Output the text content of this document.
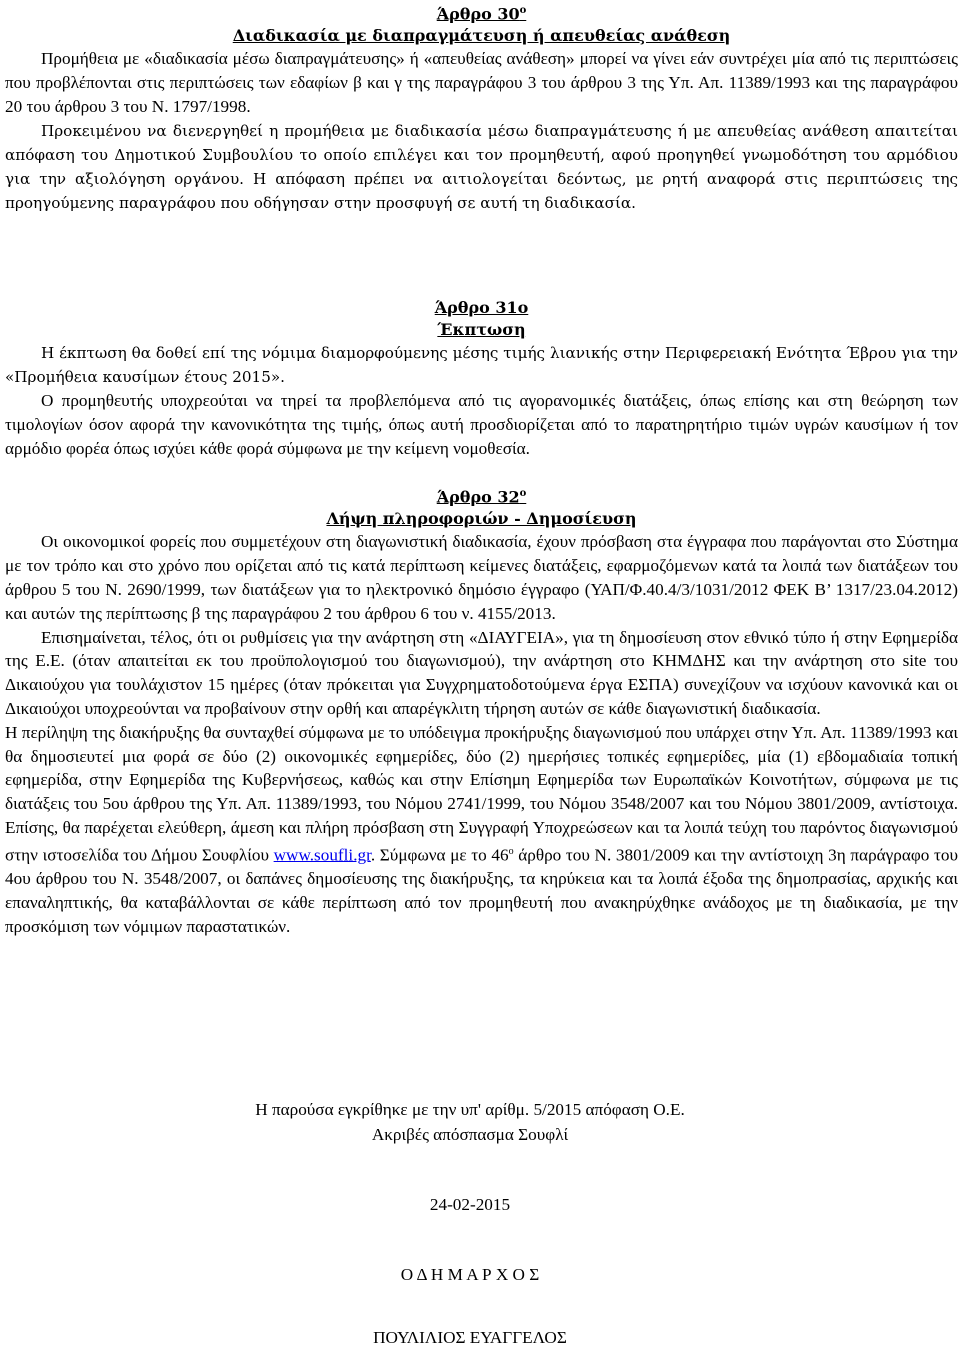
Άρθρο $30^o$
Διαδικασία με διαπραγμάτευση ή απευθείας ανάθεση

Προμήθεια με «διαδικασία μέσω διαπραγμάτευσης» ή «απευθείας ανάθεση» μπορεί να γίνει εάν συντρέχει μία από τις περιπτώσεις που προβλέπονται στις περιπτώσεις των εδαφίων β και γ της παραγράφου 3 του άρθρου 3 της Υπ. Απ. 11389/1993 και της παραγράφου 20 του άρθρου 3 του Ν. 1797/1998.

Προκειμένου να διενεργηθεί η προμήθεια με διαδικασία μέσω διαπραγμάτευσης ή με απευθείας ανάθεση απαιτείται απόφαση του Δημοτικού Συμβουλίου το οποίο επιλέγει και τον προμηθευτή, αφού προηγηθεί γνωμοδότηση του αρμόδιου για την αξιολόγηση οργάνου. Η απόφαση πρέπει να αιτιολογείται δεόντως, με ρητή αναφορά στις περιπτώσεις της προηγούμενης παραγράφου που οδήγησαν στην προσφυγή σε αυτή τη διαδικασία.

Άρθρο 31ο
Έκπτωση

Η έκπτωση θα δοθεί επί της νόμιμα διαμορφούμενης μέσης τιμής λιανικής στην Περιφερειακή Ενότητα Έβρου για την «Προμήθεια καυσίμων έτους 2015».

Ο προμηθευτής υποχρεούται να τηρεί τα προβλεπόμενα από τις αγορανομικές διατάξεις, όπως επίσης και στη θεώρηση των τιμολογίων όσον αφορά την κανονικότητα της τιμής, όπως αυτή προσδιορίζεται από το παρατηρητήριο τιμών υγρών καυσίμων ή τον αρμόδιο φορέα όπως ισχύει κάθε φορά σύμφωνα με την κείμενη νομοθεσία.

Άρθρο $32^o$
Λήψη πληροφοριών - Δημοσίευση

Οι οικονομικοί φορείς που συμμετέχουν στη διαγωνιστική διαδικασία, έχουν πρόσβαση στα έγγραφα που παράγονται στο Σύστημα με τον τρόπο και στο χρόνο που ορίζεται από τις κατά περίπτωση κείμενες διατάξεις, εφαρμοζόμενων κατά τα λοιπά των διατάξεων του άρθρου 5 του Ν. 2690/1999, των διατάξεων για το ηλεκτρονικό δημόσιο έγγραφο (ΥΑΠ/Φ.40.4/3/1031/2012 ΦΕΚ Β’ 1317/23.04.2012) και αυτών της περίπτωσης β της παραγράφου 2 του άρθρου 6 του ν. 4155/2013.

Επισημαίνεται, τέλος, ότι οι ρυθμίσεις για την ανάρτηση στη «ΔΙΑΥΓΕΙΑ», για τη δημοσίευση στον εθνικό τύπο ή στην Εφημερίδα της Ε.Ε. (όταν απαιτείται εκ του προϋπολογισμού του διαγωνισμού), την ανάρτηση στο ΚΗΜΔΗΣ και την ανάρτηση στο site του Δικαιούχου για τουλάχιστον 15 ημέρες (όταν πρόκειται για Συγχρηματοδοτούμενα έργα ΕΣΠΑ) συνεχίζουν να ισχύουν κανονικά και οι Δικαιούχοι υποχρεούνται να προβαίνουν στην ορθή και απαρέγκλιτη τήρηση αυτών σε κάθε διαγωνιστική διαδικασία.

Η περίληψη της διακήρυξης θα συνταχθεί σύμφωνα με το υπόδειγμα προκήρυξης διαγωνισμού που υπάρχει στην Υπ. Απ. 11389/1993 και θα δημοσιευτεί μια φορά σε δύο (2) οικονομικές εφημερίδες, δύο (2) ημερήσιες τοπικές εφημερίδες, μία (1) εβδομαδιαία τοπική εφημερίδα, στην Εφημερίδα της Κυβερνήσεως, καθώς και στην Επίσημη Εφημερίδα των Ευρωπαϊκών Κοινοτήτων, σύμφωνα με τις διατάξεις του 5ου άρθρου της Υπ. Απ. 11389/1993, του Νόμου 2741/1999, του Νόμου 3548/2007 και του Νόμου 3801/2009, αντίστοιχα. Επίσης, θα παρέχεται ελεύθερη, άμεση και πλήρη πρόσβαση στη Συγγραφή Υποχρεώσεων και τα λοιπά τεύχη του παρόντος διαγωνισμού στην ιστοσελίδα του Δήμου Σουφλίου www.soufli.gr. Σύμφωνα με το $46^o$ άρθρο του Ν. 3801/2009 και την αντίστοιχη 3η παράγραφο του 4ου άρθρου του Ν. 3548/2007, οι δαπάνες δημοσίευσης της διακήρυξης, τα κηρύκεια και τα λοιπά έξοδα της δημοπρασίας, αρχικής και επαναληπτικής, θα καταβάλλονται σε κάθε περίπτωση από τον προμηθευτή που ανακηρύχθηκε ανάδοχος με τη διαδικασία, με την προσκόμιση των νόμιμων παραστατικών.

Η παρούσα εγκρίθηκε με την υπ' αρίθμ. 5/2015 απόφαση Ο.Ε.
Ακριβές απόσπασμα Σουφλί
24-02-2015
Ο Δ Η Μ Α Ρ Χ Ο Σ
ΠΟΥΛΙΛΙΟΣ ΕΥΑΓΓΕΛΟΣ
